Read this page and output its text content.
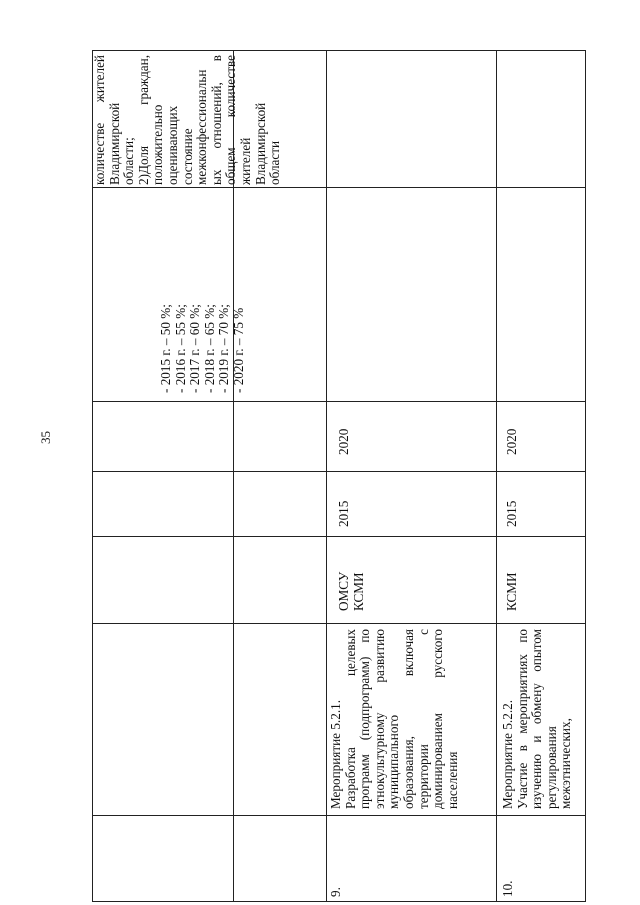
35
количестве жителей Владимирской области; 2)Доля граждан, положительно оценивающих состояние межконфессиональн ых отношений, в общем количестве жителей Владимирской области
- 2015 г. – 50 %; - 2016 г. – 55 %; - 2017 г. – 60 %; - 2018 г. – 65 %; - 2019 г. – 70 %; - 2020 г. – 75 %
9.
Мероприятие 5.2.1. Разработка целевых программ (подпрограмм) по этнокультурному развитию муниципального образования, включая территории с доминированием русского населения
ОМСУ КСМИ
2015
2020
10.
Мероприятие 5.2.2. Участие в мероприятиях по изучению и обмену опытом регулирования межэтнических,
КСМИ
2015
2020
